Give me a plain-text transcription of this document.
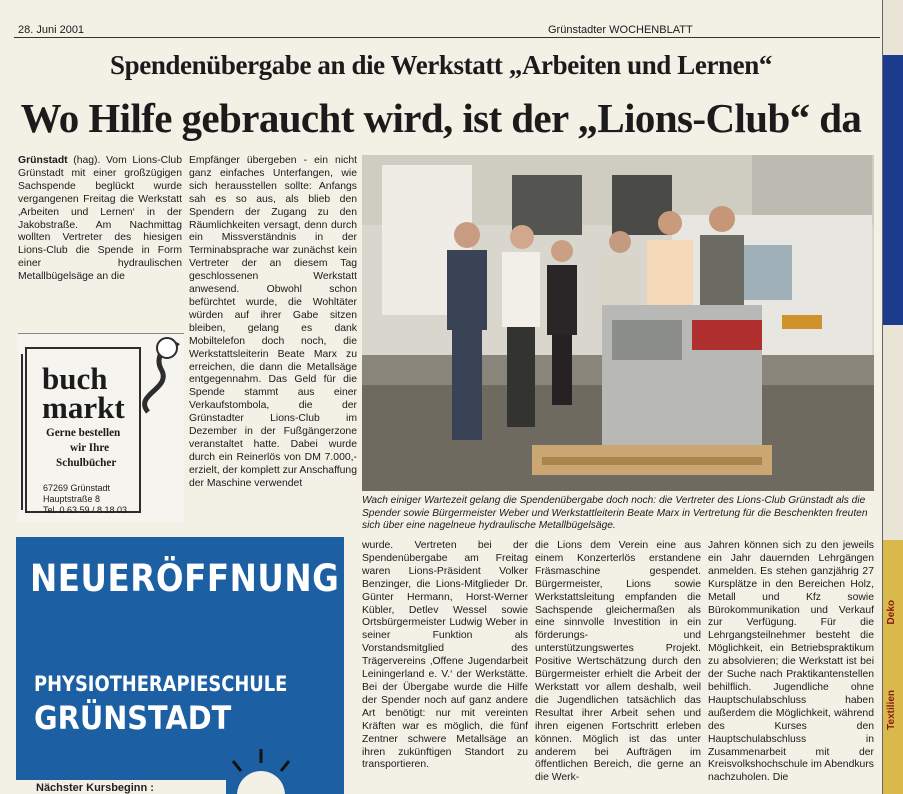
28. Juni 2001	Grünstadter WOCHENBLATT
Spendenübergabe an die Werkstatt „Arbeiten und Lernen“
Wo Hilfe gebraucht wird, ist der „Lions-Club“ da
Grünstadt (hag). Vom Lions-Club Grünstadt mit einer großzügigen Sachspende beglückt wurde vergangenen Freitag die Werkstatt ‚Arbeiten und Lernen‘ in der Jakobstraße. Am Nachmittag wollten Vertreter des hiesigen Lions-Club die Spende in Form einer hydraulischen Metallbügelsäge an die
Empfänger übergeben - ein nicht ganz einfaches Unterfangen, wie sich herausstellen sollte: Anfangs sah es so aus, als blieb den Spendern der Zugang zu den Räumlichkeiten versagt, denn durch ein Missverständnis in der Terminabsprache war zunächst kein Vertreter der an diesem Tag geschlossenen Werkstatt anwesend. Obwohl schon befürchtet wurde, die Wohltäter würden auf ihrer Gabe sitzen bleiben, gelang es dank Mobiltelefon doch noch, die Werkstattsleiterin Beate Marx zu erreichen, die dann die Metallsäge entgegennahm. Das Geld für die Spende stammt aus einer Verkaufstombola, die der Grünstadter Lions-Club im Dezember in der Fußgängerzone veranstaltet hatte. Dabei wurde durch ein Reinerlös von DM 7.000,- erzielt, der komplett zur Anschaffung der Maschine verwendet
Wach einiger Wartezeit gelang die Spendenübergabe doch noch: die Vertreter des Lions-Club Grünstadt als die Spender sowie Bürgermeister Weber und Werkstattleiterin Beate Marx in Vertretung für die Beschenkten freuten sich über eine nagelneue hydraulische Metallbügelsäge.
buch
markt
Gerne bestellen
wir Ihre
Schulbücher
67269 Grünstadt
Hauptstraße 8
Tel. 0 63 59 / 8 18 03
NEUERÖFFNUNG
PHYSIOTHERAPIESCHULE
GRÜNSTADT
Nächster Kursbeginn :
wurde. Vertreten bei der Spendenübergabe am Freitag waren Lions-Präsident Volker Benzinger, die Lions-Mitglieder Dr. Günter Hermann, Horst-Werner Kübler, Detlev Wessel sowie Ortsbürgermeister Ludwig Weber in seiner Funktion als Vorstandsmitglied des Trägervereins ‚Offene Jugendarbeit Leiningerland e. V.‘ der Werkstätte. Bei der Übergabe wurde die Hilfe der Spender noch auf ganz andere Art benötigt: nur mit vereinten Kräften war es möglich, die fünf Zentner schwere Metallsäge an ihren zukünftigen Standort zu transportieren.
die Lions dem Verein eine aus einem Konzerterlös erstandene Fräsmaschine gespendet. Bürgermeister, Lions sowie Werkstattsleitung empfanden die Sachspende gleichermaßen als eine sinnvolle Investition in ein förderungs- und unterstützungswertes Projekt. Positive Wertschätzung durch den Bürgermeister erhielt die Arbeit der Werkstatt vor allem deshalb, weil die Jugendlichen tatsächlich das Resultat ihrer Arbeit sehen und ihren eigenen Fortschritt erleben können. Möglich ist das unter anderem bei Aufträgen im öffentlichen Bereich, die gerne an die Werk-
Jahren können sich zu den jeweils ein Jahr dauernden Lehrgängen anmelden. Es stehen ganzjährig 27 Kursplätze in den Bereichen Holz, Metall und Kfz sowie Bürokommunikation und Verkauf zur Verfügung. Für die Lehrgangsteilnehmer besteht die Möglichkeit, ein Betriebspraktikum zu absolvieren; die Werkstatt ist bei der Suche nach Praktikantenstellen behilflich. Jugendliche ohne Hauptschulabschluss haben außerdem die Möglichkeit, während des Kurses den Hauptschulabschluss in Zusammenarbeit mit der Kreisvolkshochschule im Abendkurs nachzuholen. Die
Deko
Textilien
